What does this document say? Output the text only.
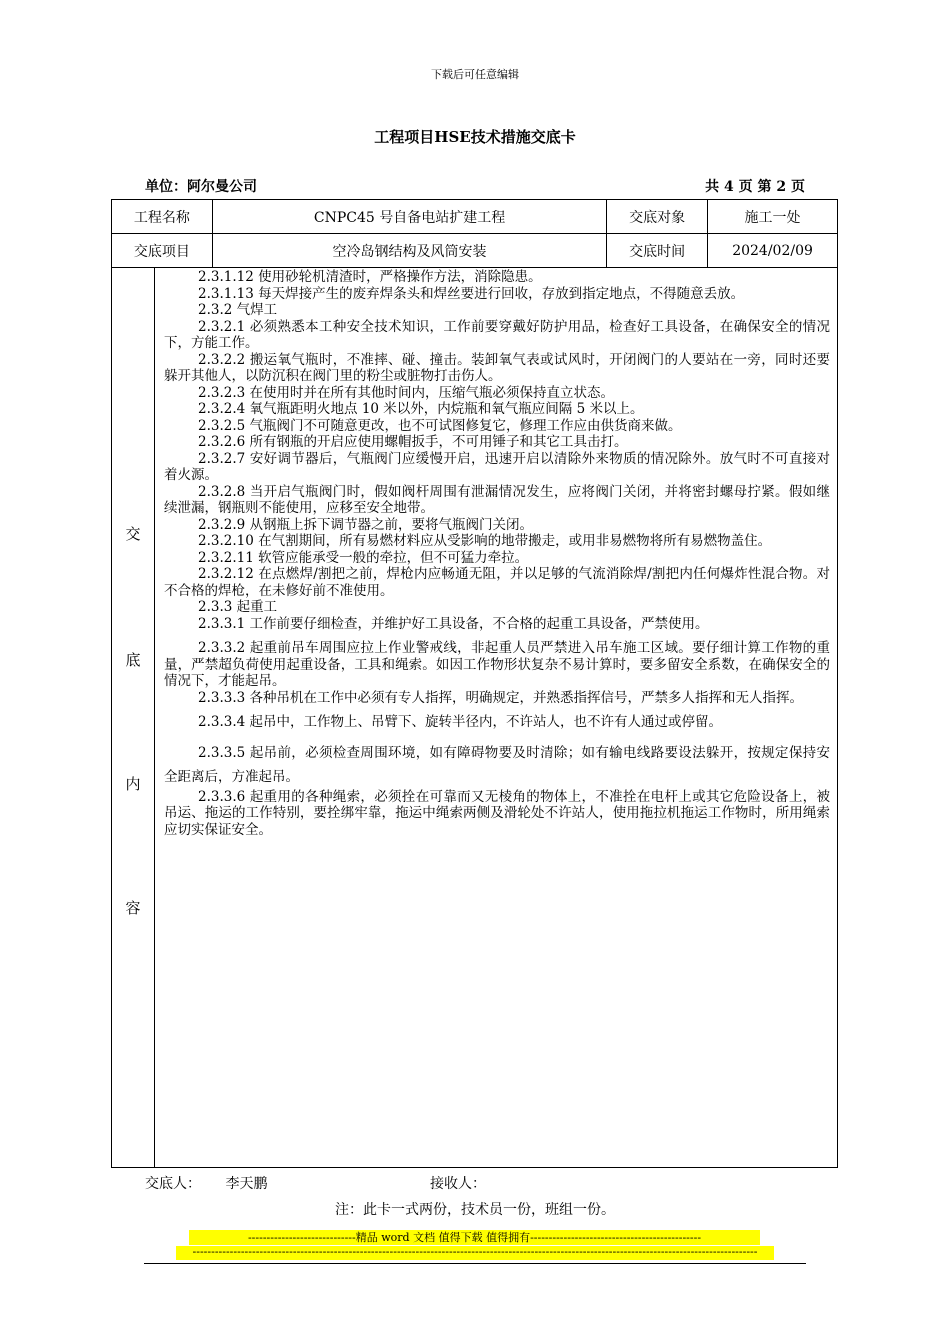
下载后可任意编辑
工程项目HSE技术措施交底卡
单位：阿尔曼公司	共 4 页 第 2 页
工程名称	CNPC45 号自备电站扩建工程	交底对象	施工一处
交底项目	空冷岛钢结构及风筒安装	交底时间	2024/02/09
交
底
内
容

2.3.1.12 使用砂轮机清渣时，严格操作方法，消除隐患。

2.3.1.13 每天焊接产生的废弃焊条头和焊丝要进行回收，存放到指定地点，不得随意丢放。

2.3.2 气焊工

2.3.2.1 必须熟悉本工种安全技术知识，工作前要穿戴好防护用品，检查好工具设备，在确保安全的情况下，方能工作。

2.3.2.2 搬运氧气瓶时，不准摔、碰、撞击。装卸氧气表或试风时，开闭阀门的人要站在一旁，同时还要躲开其他人，以防沉积在阀门里的粉尘或脏物打击伤人。

2.3.2.3 在使用时并在所有其他时间内，压缩气瓶必须保持直立状态。

2.3.2.4 氧气瓶距明火地点 10 米以外，内烷瓶和氧气瓶应间隔 5 米以上。

2.3.2.5 气瓶阀门不可随意更改，也不可试图修复它，修理工作应由供货商来做。

2.3.2.6 所有钢瓶的开启应使用螺帽扳手，不可用锤子和其它工具击打。

2.3.2.7 安好调节器后，气瓶阀门应缓慢开启，迅速开启以清除外来物质的情况除外。放气时不可直接对着火源。

2.3.2.8 当开启气瓶阀门时，假如阀杆周围有泄漏情况发生，应将阀门关闭，并将密封螺母拧紧。假如继续泄漏，钢瓶则不能使用，应移至安全地带。

2.3.2.9 从钢瓶上拆下调节器之前，要将气瓶阀门关闭。

2.3.2.10 在气割期间，所有易燃材料应从受影响的地带搬走，或用非易燃物将所有易燃物盖住。

2.3.2.11 软管应能承受一般的牵拉，但不可猛力牵拉。

2.3.2.12 在点燃焊/割把之前，焊枪内应畅通无阻，并以足够的气流消除焊/割把内任何爆炸性混合物。对不合格的焊枪，在未修好前不准使用。

2.3.3 起重工

2.3.3.1 工作前要仔细检查，并维护好工具设备，不合格的起重工具设备，严禁使用。

2.3.3.2 起重前吊车周围应拉上作业警戒线，非起重人员严禁进入吊车施工区域。要仔细计算工作物的重量，严禁超负荷使用起重设备，工具和绳索。如因工作物形状复杂不易计算时，要多留安全系数，在确保安全的情况下，才能起吊。

2.3.3.3 各种吊机在工作中必须有专人指挥，明确规定，并熟悉指挥信号，严禁多人指挥和无人指挥。

2.3.3.4 起吊中，工作物上、吊臂下、旋转半径内，不许站人，也不许有人通过或停留。

2.3.3.5 起吊前，必须检查周围环境，如有障碍物要及时清除；如有输电线路要设法躲开，按规定保持安全距离后，方准起吊。

2.3.3.6 起重用的各种绳索，必须拴在可靠而又无棱角的物体上，不准拴在电杆上或其它危险设备上，被吊运、拖运的工作特别，要拴绑牢靠，拖运中绳索两侧及滑轮处不许站人，使用拖拉机拖运工作物时，所用绳索应切实保证安全。

交底人： 李天鹏	接收人：
注：此卡一式两份，技术员一份，班组一份。
-----------------------------精品 word 文档 值得下载 值得拥有----------------------------------------------
--------------------------------------------------------------------------------------------------------------------------------------------------------
